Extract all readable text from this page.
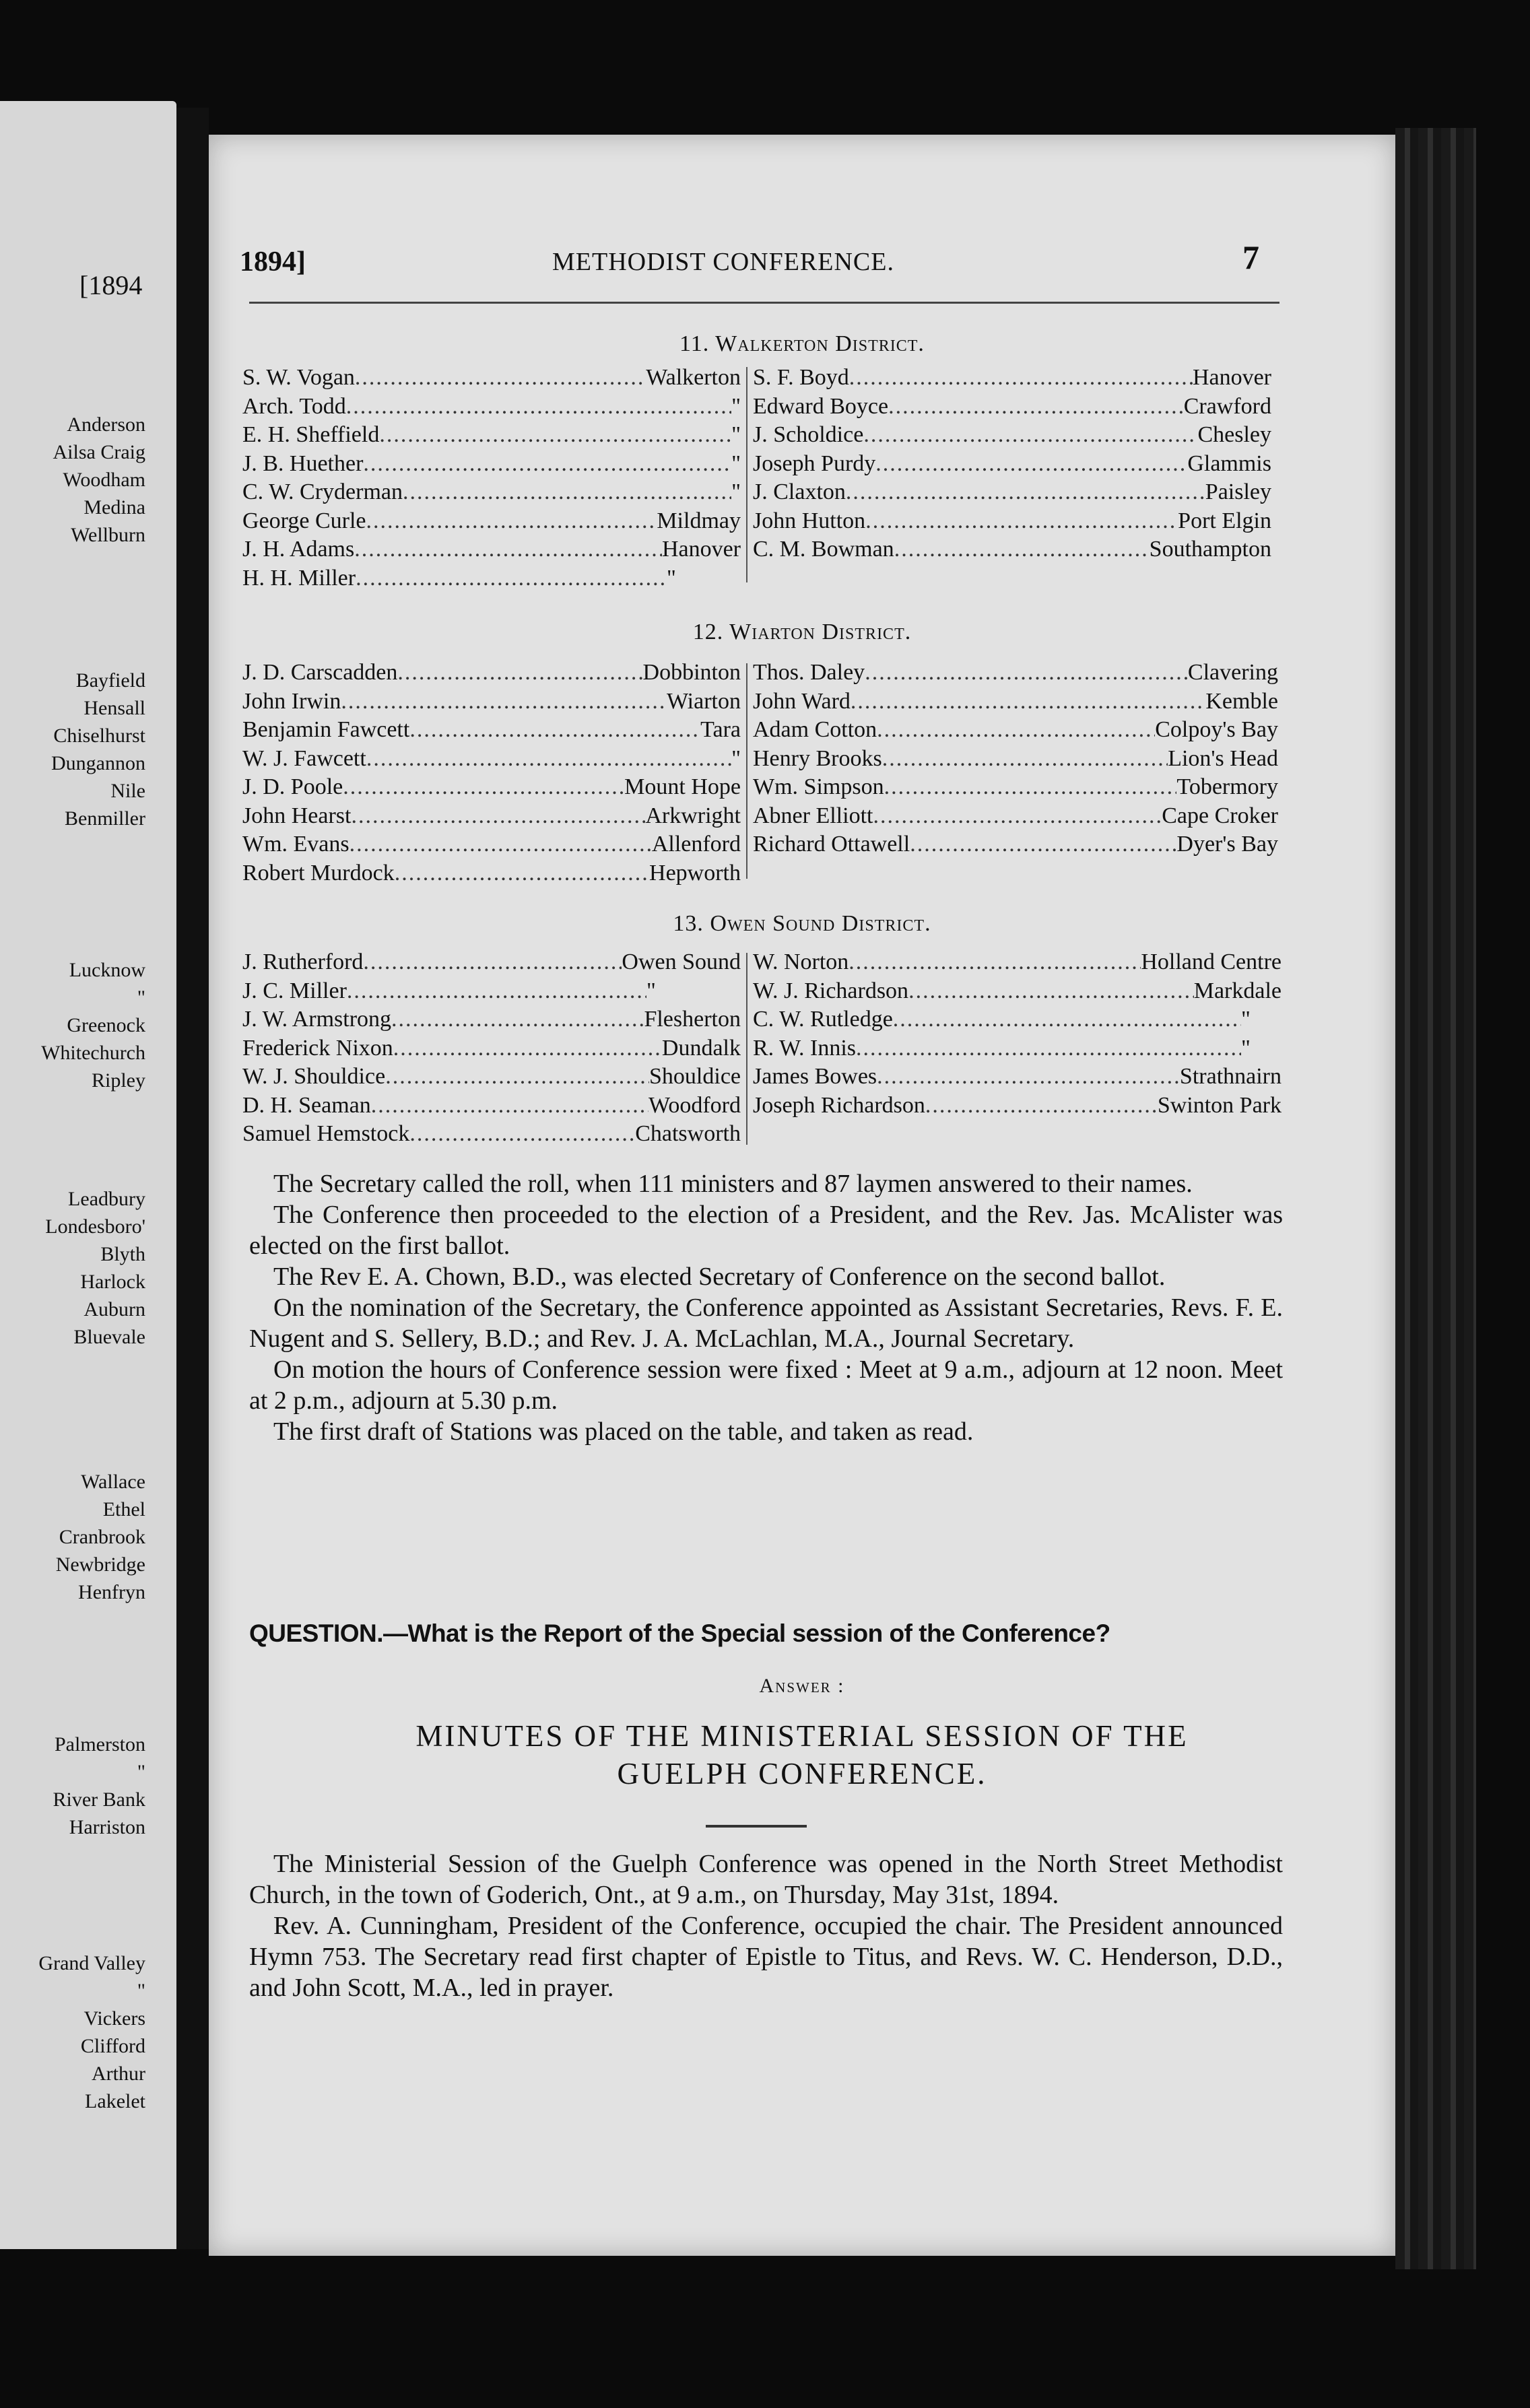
[1894
Anderson
Ailsa Craig
Woodham
Medina
Wellburn
Bayfield
Hensall
Chiselhurst
Dungannon
Nile
Benmiller
Lucknow
"
Greenock
Whitechurch
Ripley
Leadbury
Londesboro'
Blyth
Harlock
Auburn
Bluevale
Wallace
Ethel
Cranbrook
Newbridge
Henfryn
Palmerston
"
River Bank
Harriston
Grand Valley
"
Vickers
Clifford
Arthur
Lakelet
1894]	METHODIST CONFERENCE.	7
11. Walkerton District.
S. W. Vogan .....	Walkerton
Arch. Todd .....	"
E. H. Sheffield .....	"
J. B. Huether .....	"
C. W. Cryderman .....	"
George Curle .....	Mildmay
J. H. Adams .....	Hanover
H. H. Miller .....	"
S. F. Boyd .....	Hanover
Edward Boyce .....	Crawford
J. Scholdice .....	Chesley
Joseph Purdy .....	Glammis
J. Claxton .....	Paisley
John Hutton .....	Port Elgin
C. M. Bowman .....	Southampton
12. Wiarton District.
J. D. Carscadden .....	Dobbinton
John Irwin .....	Wiarton
Benjamin Fawcett .....	Tara
W. J. Fawcett .....	"
J. D. Poole .....	Mount Hope
John Hearst .....	Arkwright
Wm. Evans .....	Allenford
Robert Murdock .....	Hepworth
Thos. Daley .....	Clavering
John Ward .....	Kemble
Adam Cotton .....	Colpoy's Bay
Henry Brooks .....	Lion's Head
Wm. Simpson .....	Tobermory
Abner Elliott .....	Cape Croker
Richard Ottawell .....	Dyer's Bay
13. Owen Sound District.
J. Rutherford .....	Owen Sound
J. C. Miller .....	"
J. W. Armstrong .....	Flesherton
Frederick Nixon .....	Dundalk
W. J. Shouldice .....	Shouldice
D. H. Seaman .....	Woodford
Samuel Hemstock .....	Chatsworth
W. Norton .....	Holland Centre
W. J. Richardson .....	Markdale
C. W. Rutledge .....	"
R. W. Innis .....	"
James Bowes .....	Strathnairn
Joseph Richardson .....	Swinton Park

The Secretary called the roll, when 111 ministers and 87 laymen answered to their names.

The Conference then proceeded to the election of a President, and the Rev. Jas. McAlister was elected on the first ballot.

The Rev E. A. Chown, B.D., was elected Secretary of Conference on the second ballot.

On the nomination of the Secretary, the Conference appointed as Assistant Secretaries, Revs. F. E. Nugent and S. Sellery, B.D.; and Rev. J. A. McLachlan, M.A., Journal Secretary.

On motion the hours of Conference session were fixed : Meet at 9 a.m., adjourn at 12 noon. Meet at 2 p.m., adjourn at 5.30 p.m.

The first draft of Stations was placed on the table, and taken as read.

QUESTION.—What is the Report of the Special session of the Conference?
Answer :
MINUTES OF THE MINISTERIAL SESSION OF THE
GUELPH CONFERENCE.

The Ministerial Session of the Guelph Conference was opened in the North Street Methodist Church, in the town of Goderich, Ont., at 9 a.m., on Thursday, May 31st, 1894.

Rev. A. Cunningham, President of the Conference, occupied the chair. The President announced Hymn 753. The Secretary read first chapter of Epistle to Titus, and Revs. W. C. Henderson, D.D., and John Scott, M.A., led in prayer.
